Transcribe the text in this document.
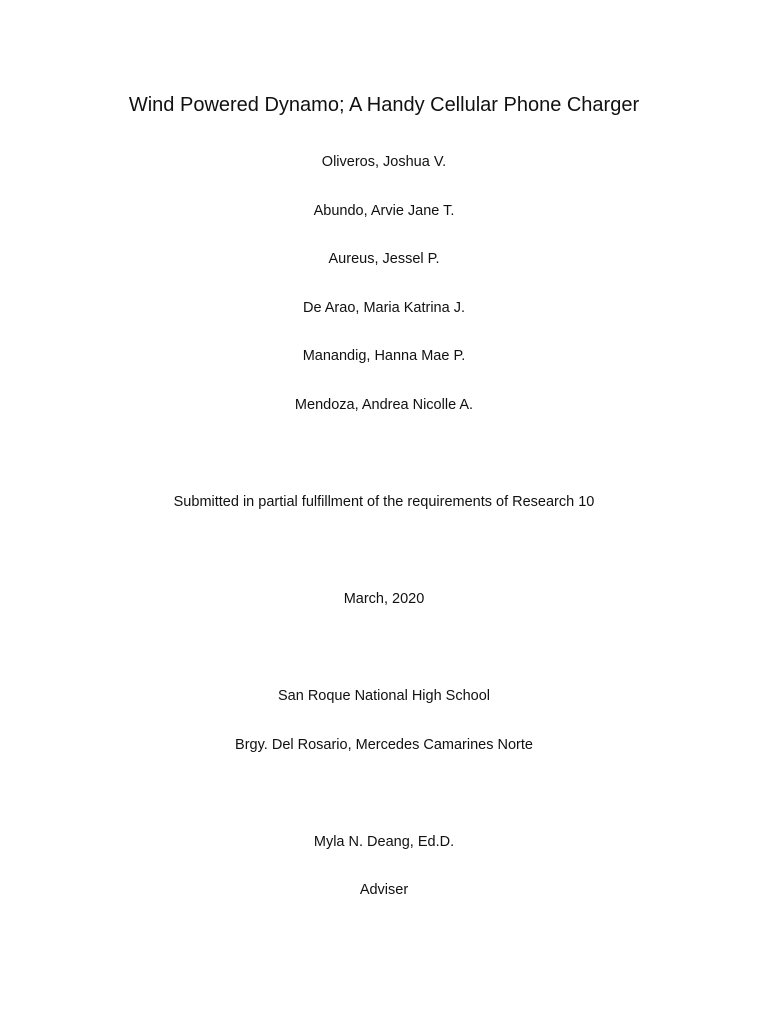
Wind Powered Dynamo; A Handy Cellular Phone Charger
Oliveros, Joshua V.
Abundo, Arvie Jane T.
Aureus, Jessel P.
De Arao, Maria Katrina J.
Manandig, Hanna Mae P.
Mendoza, Andrea Nicolle A.
Submitted in partial fulfillment of the requirements of Research 10
March, 2020
San Roque National High School
Brgy. Del Rosario, Mercedes Camarines Norte
Myla N. Deang, Ed.D.
Adviser
